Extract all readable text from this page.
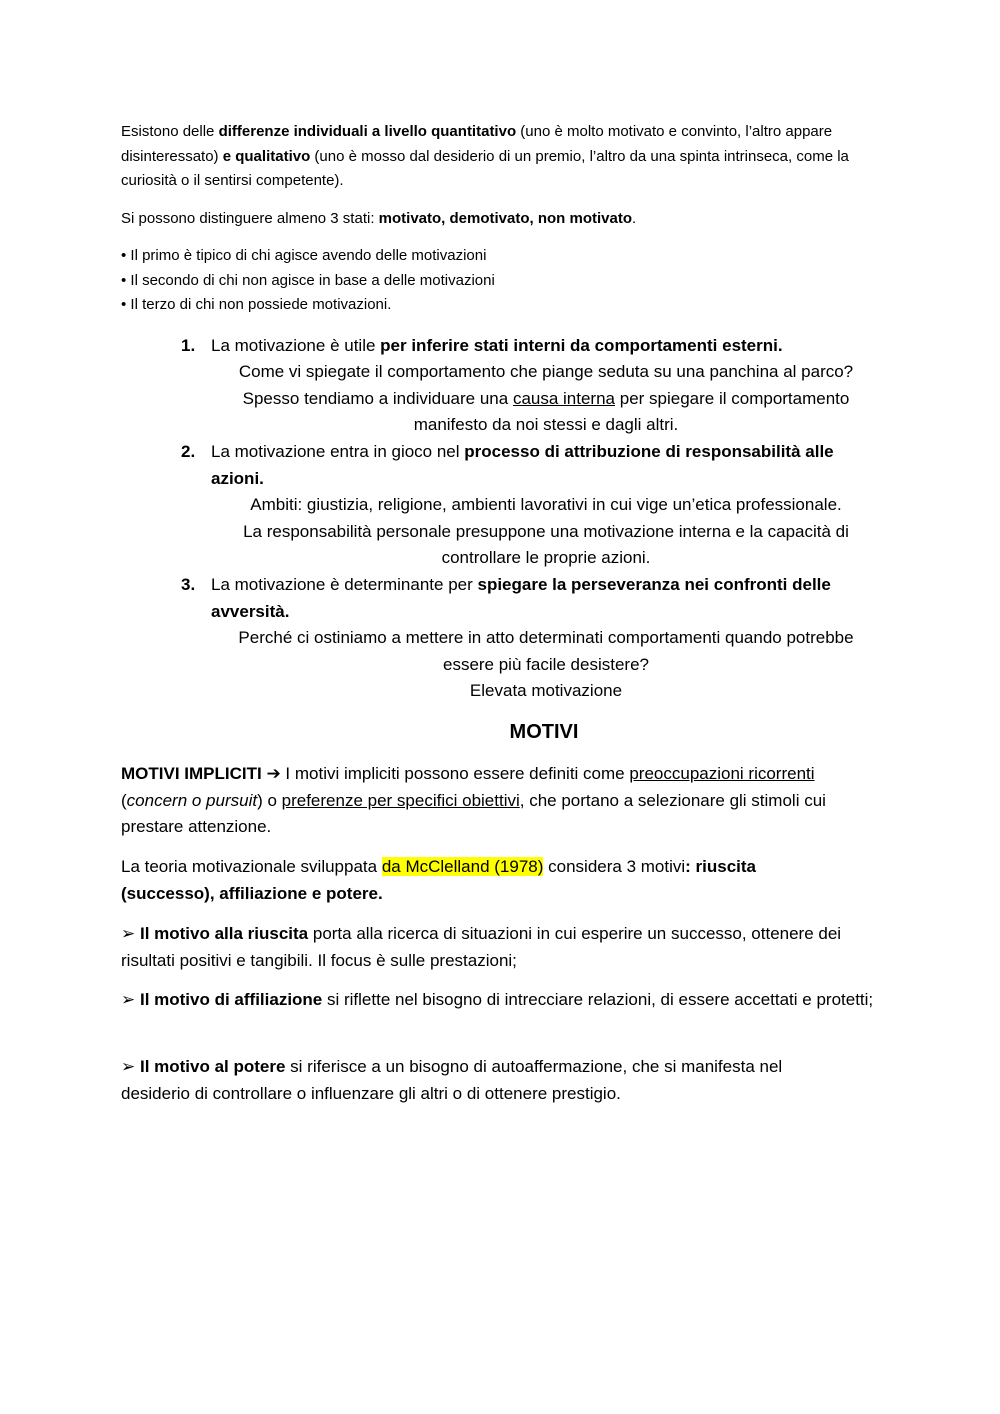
Esistono delle differenze individuali a livello quantitativo (uno è molto motivato e convinto, l’altro appare disinteressato) e qualitativo (uno è mosso dal desiderio di un premio, l’altro da una spinta intrinseca, come la curiosità o il sentirsi competente).
Si possono distinguere almeno 3 stati: motivato, demotivato, non motivato.
• Il primo è tipico di chi agisce avendo delle motivazioni
• Il secondo di chi non agisce in base a delle motivazioni
• Il terzo di chi non possiede motivazioni.
1. La motivazione è utile per inferire stati interni da comportamenti esterni.
Come vi spiegate il comportamento che piange seduta su una panchina al parco?
Spesso tendiamo a individuare una causa interna per spiegare il comportamento manifesto da noi stessi e dagli altri.
2. La motivazione entra in gioco nel processo di attribuzione di responsabilità alle azioni.
Ambiti: giustizia, religione, ambienti lavorativi in cui vige un’etica professionale.
La responsabilità personale presuppone una motivazione interna e la capacità di controllare le proprie azioni.
3. La motivazione è determinante per spiegare la perseveranza nei confronti delle avversità.
Perché ci ostiniamo a mettere in atto determinati comportamenti quando potrebbe essere più facile desistere?
Elevata motivazione
MOTIVI
MOTIVI IMPLICITI ➔ I motivi impliciti possono essere definiti come preoccupazioni ricorrenti (concern o pursuit) o preferenze per specifici obiettivi, che portano a selezionare gli stimoli cui prestare attenzione.
La teoria motivazionale sviluppata da McClelland (1978) considera 3 motivi: riuscita (successo), affiliazione e potere.
➢ Il motivo alla riuscita porta alla ricerca di situazioni in cui esperire un successo, ottenere dei risultati positivi e tangibili. Il focus è sulle prestazioni;
➢ Il motivo di affiliazione si riflette nel bisogno di intrecciare relazioni, di essere accettati e protetti;
➢ Il motivo al potere si riferisce a un bisogno di autoaffermazione, che si manifesta nel desiderio di controllare o influenzare gli altri o di ottenere prestigio.
